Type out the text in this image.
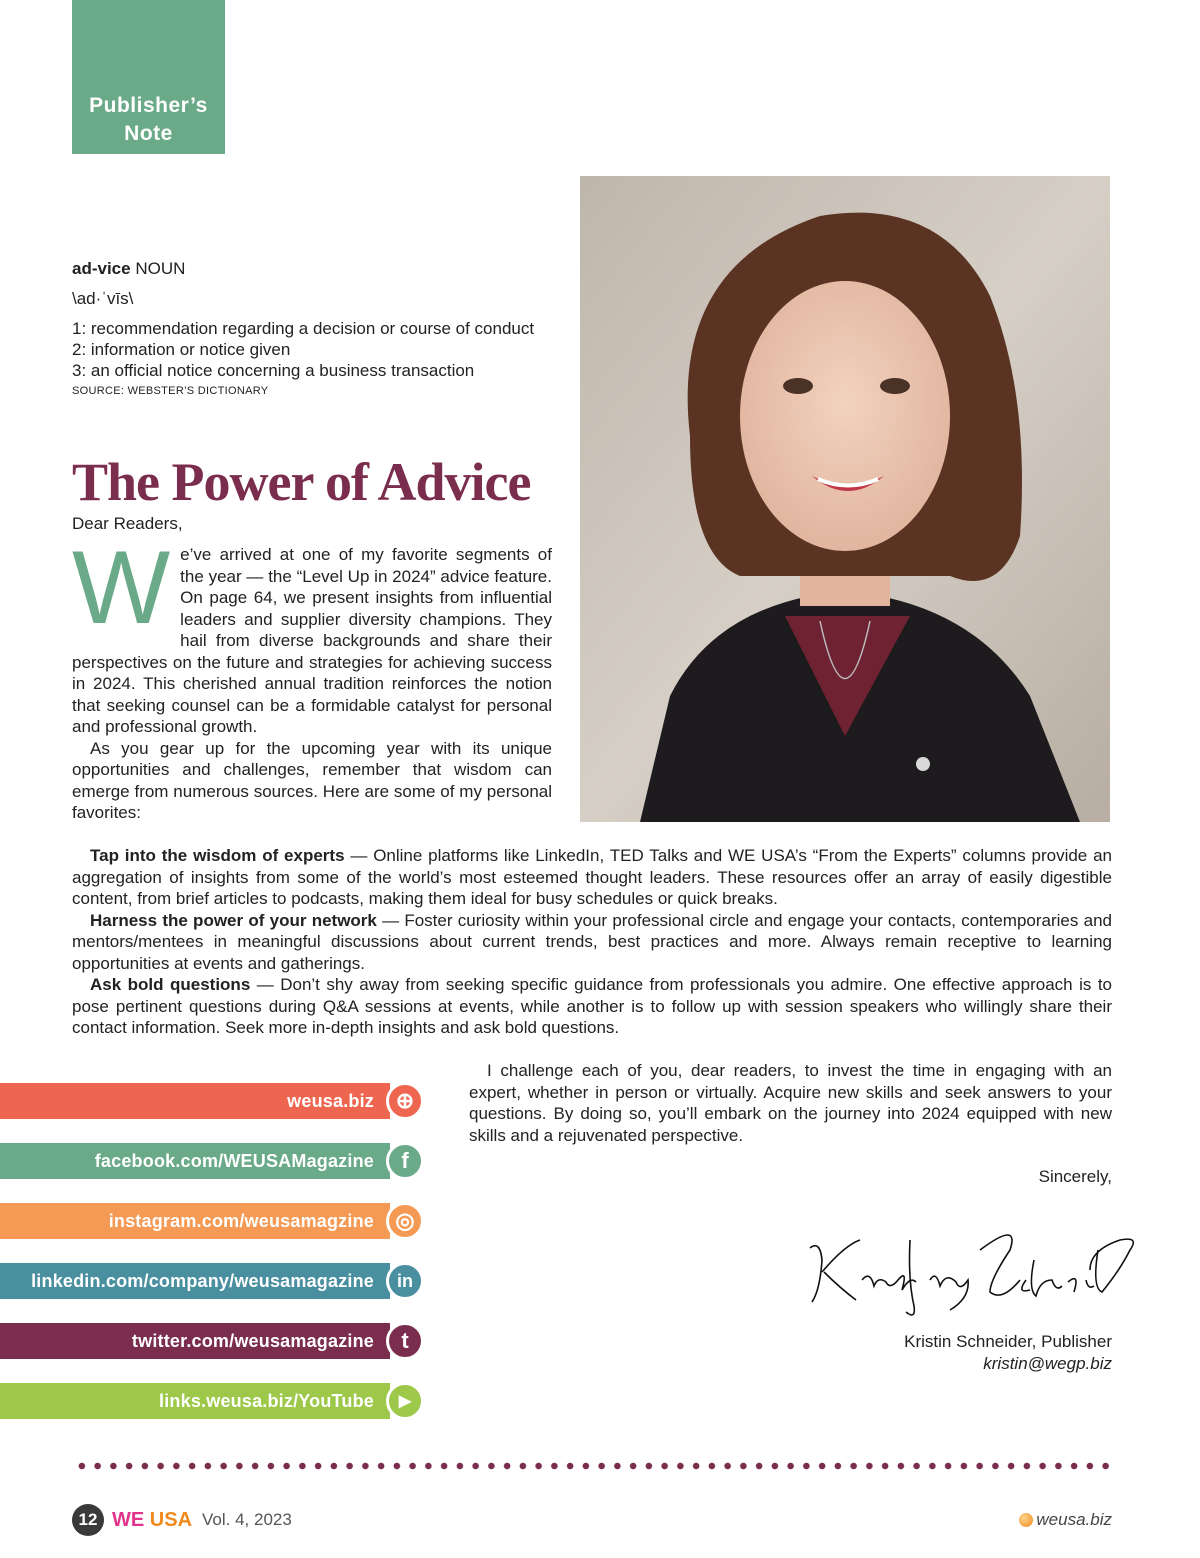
Publisher’s
Note
ad-vice NOUN
\ad·ˈvīs\
1: recommendation regarding a decision or course of conduct
2: information or notice given
3: an official notice concerning a business transaction
SOURCE: WEBSTER’S DICTIONARY
The Power of Advice
Dear Readers,

We’ve arrived at one of my favorite segments of the year — the “Level Up in 2024” advice feature. On page 64, we present insights from influential leaders and supplier diversity champions. They hail from diverse backgrounds and share their perspectives on the future and strategies for achieving success in 2024. This cherished annual tradition reinforces the notion that seeking counsel can be a formidable catalyst for personal and professional growth.

As you gear up for the upcoming year with its unique opportunities and challenges, remember that wisdom can emerge from numerous sources. Here are some of my personal favorites:

Tap into the wisdom of experts — Online platforms like LinkedIn, TED Talks and WE USA’s “From the Experts” columns provide an aggregation of insights from some of the world’s most esteemed thought leaders. These resources offer an array of easily digestible content, from brief articles to podcasts, making them ideal for busy schedules or quick breaks.

Harness the power of your network — Foster curiosity within your professional circle and engage your contacts, contemporaries and mentors/mentees in meaningful discussions about current trends, best practices and more. Always remain receptive to learning opportunities at events and gatherings.

Ask bold questions — Don’t shy away from seeking specific guidance from professionals you admire. One effective approach is to pose pertinent questions during Q&A sessions at events, while another is to follow up with session speakers who willingly share their contact information. Seek more in-depth insights and ask bold questions.

I challenge each of you, dear readers, to invest the time in engaging with an expert, whether in person or virtually. Acquire new skills and seek answers to your questions. By doing so, you’ll embark on the journey into 2024 equipped with new skills and a rejuvenated perspective.

Sincerely,
Kristin Schneider, Publisher
kristin@wegp.biz
weusa.biz ⊕
facebook.com/WEUSAMagazine	f
instagram.com/weusamagzine ◎
linkedin.com/company/weusamagazine	in
twitter.com/weusamagazine	t
links.weusa.biz/YouTube	▶
12 WE USA Vol. 4, 2023	weusa.biz
